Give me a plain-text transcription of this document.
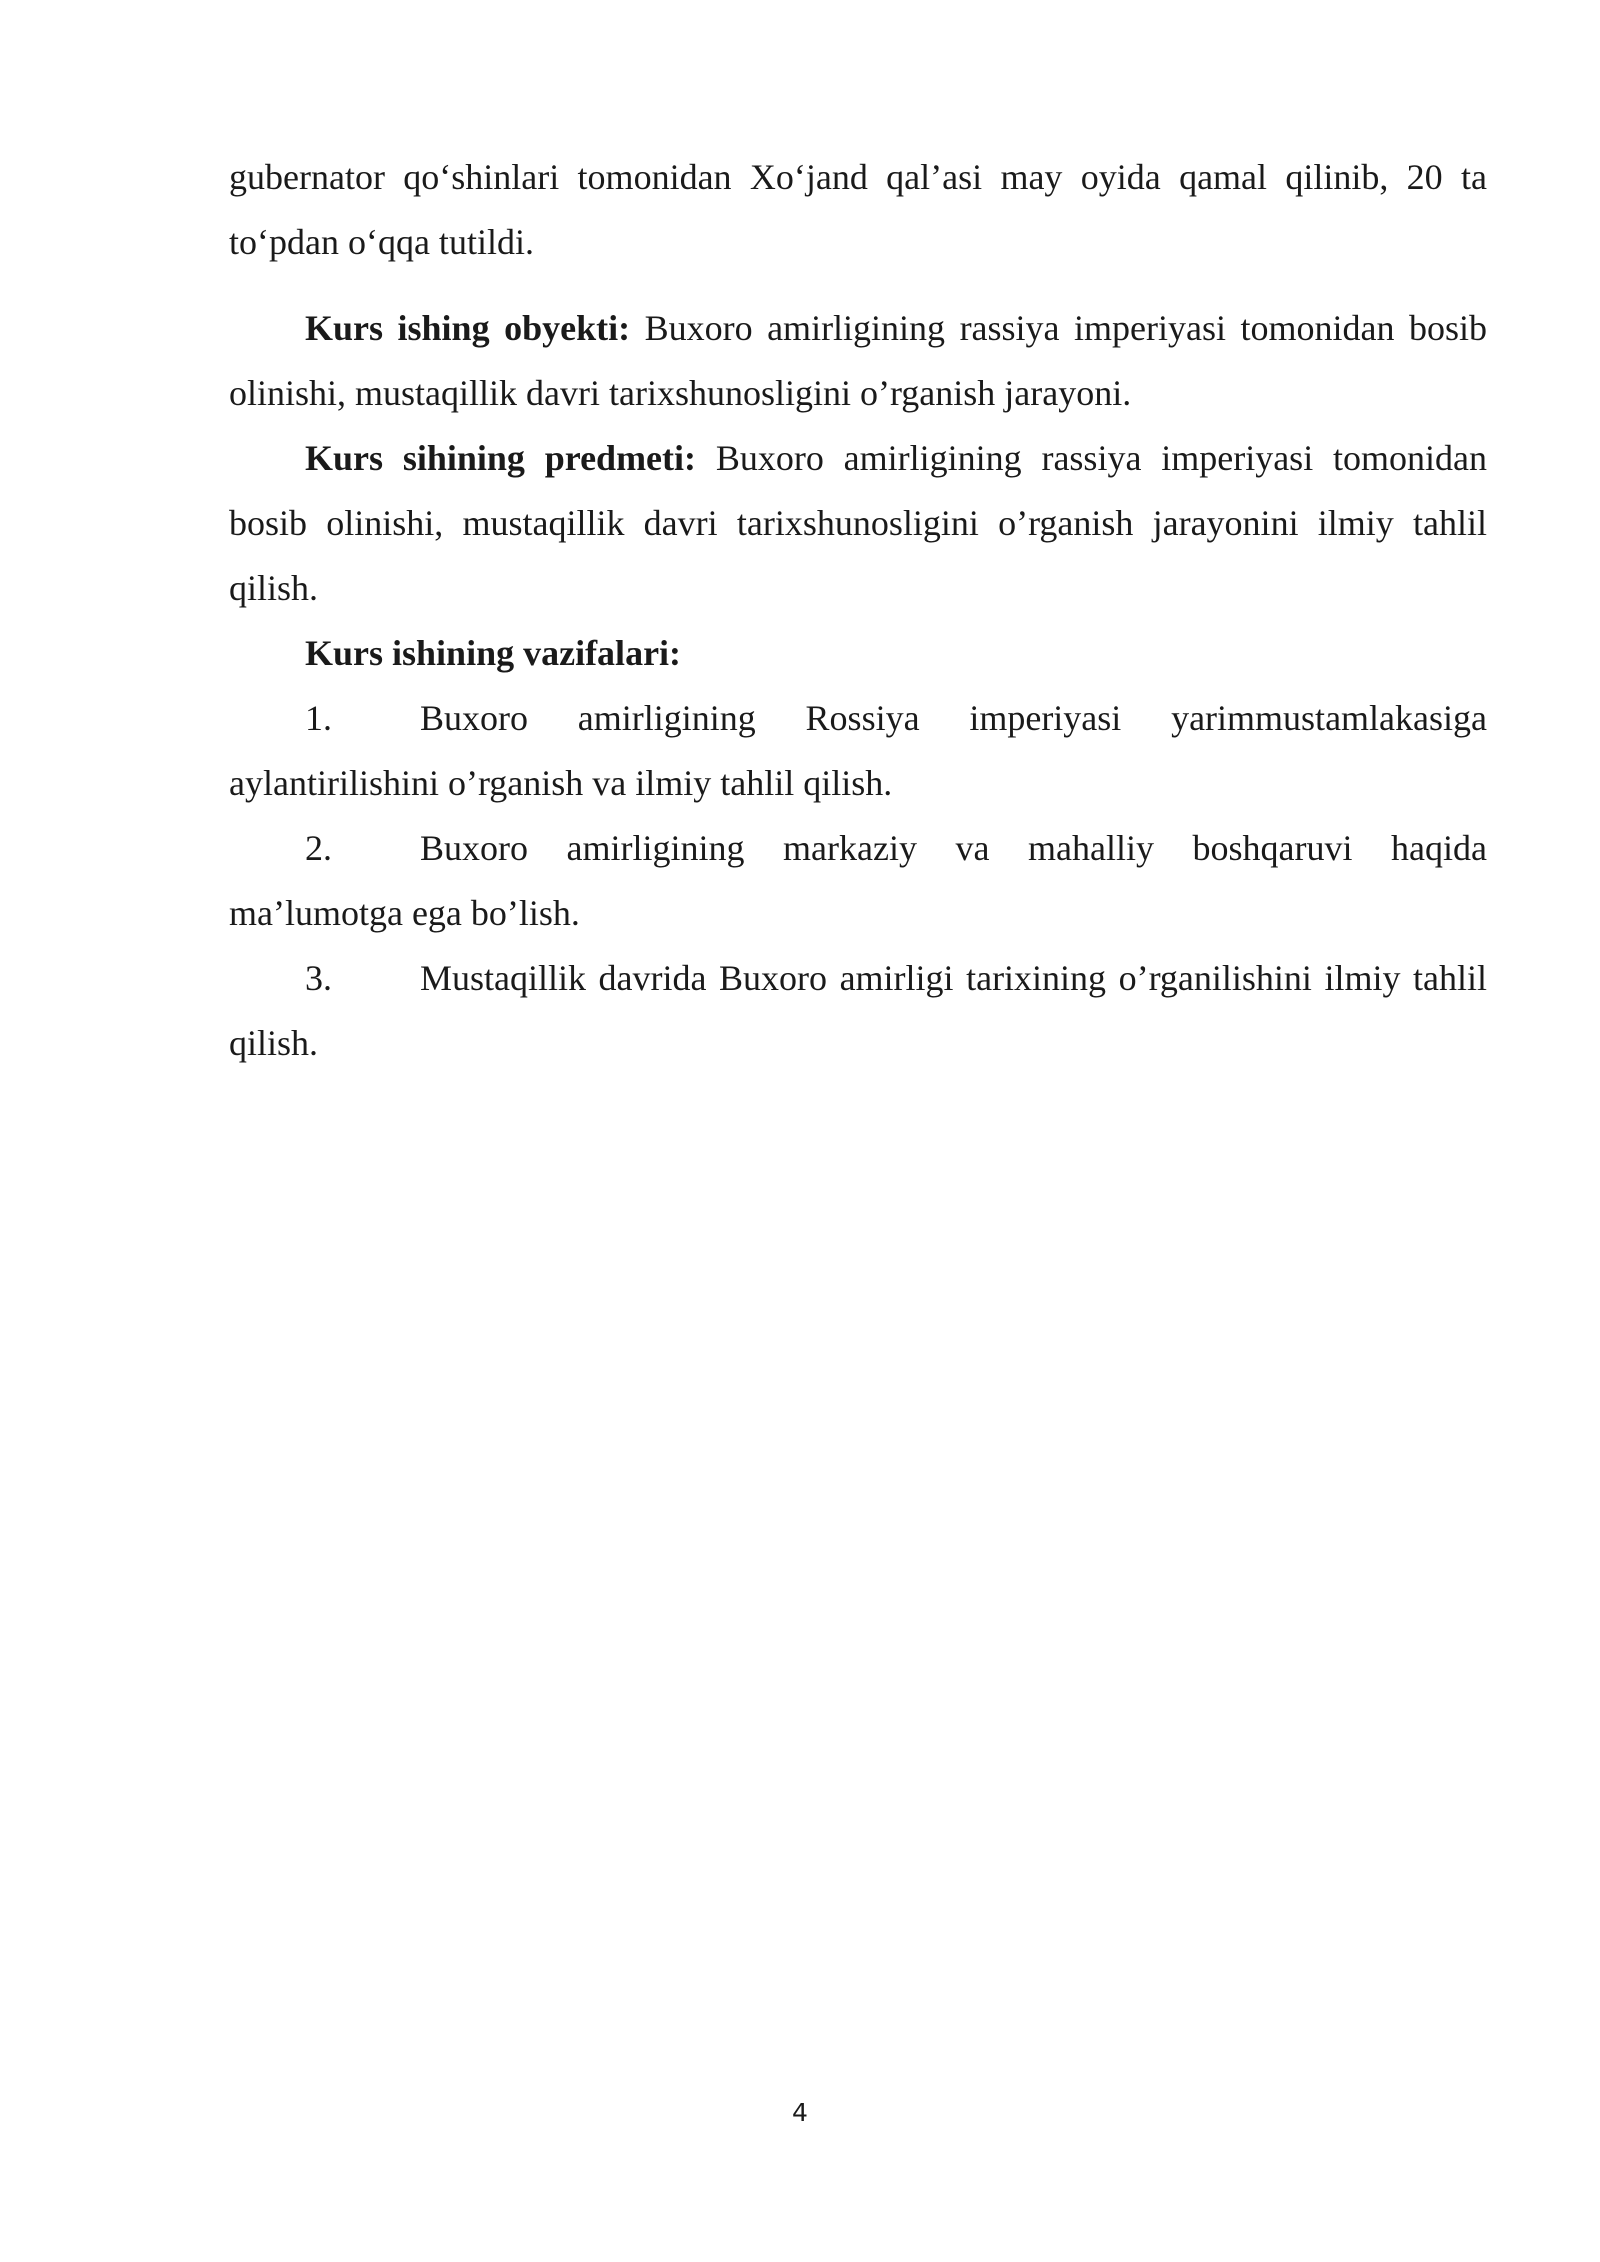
gubernator qo‘shinlari tomonidan Xo‘jand qal’asi may oyida qamal qilinib, 20 ta to‘pdan o‘qqa tutildi.

Kurs ishing obyekti: Buxoro amirligining rassiya imperiyasi tomonidan bosib olinishi, mustaqillik davri tarixshunosligini o’rganish jarayoni.

Kurs sihining predmeti: Buxoro amirligining rassiya imperiyasi tomonidan bosib olinishi, mustaqillik davri tarixshunosligini o’rganish jarayonini ilmiy tahlil qilish.

Kurs ishining vazifalari:

1. Buxoro amirligining Rossiya imperiyasi yarimmustamlakasiga aylantirilishini o’rganish va ilmiy tahlil qilish.

2. Buxoro amirligining markaziy va mahalliy boshqaruvi haqida ma’lumotga ega bo’lish.

3. Mustaqillik davrida Buxoro amirligi tarixining o’rganilishini ilmiy tahlil qilish.

4
